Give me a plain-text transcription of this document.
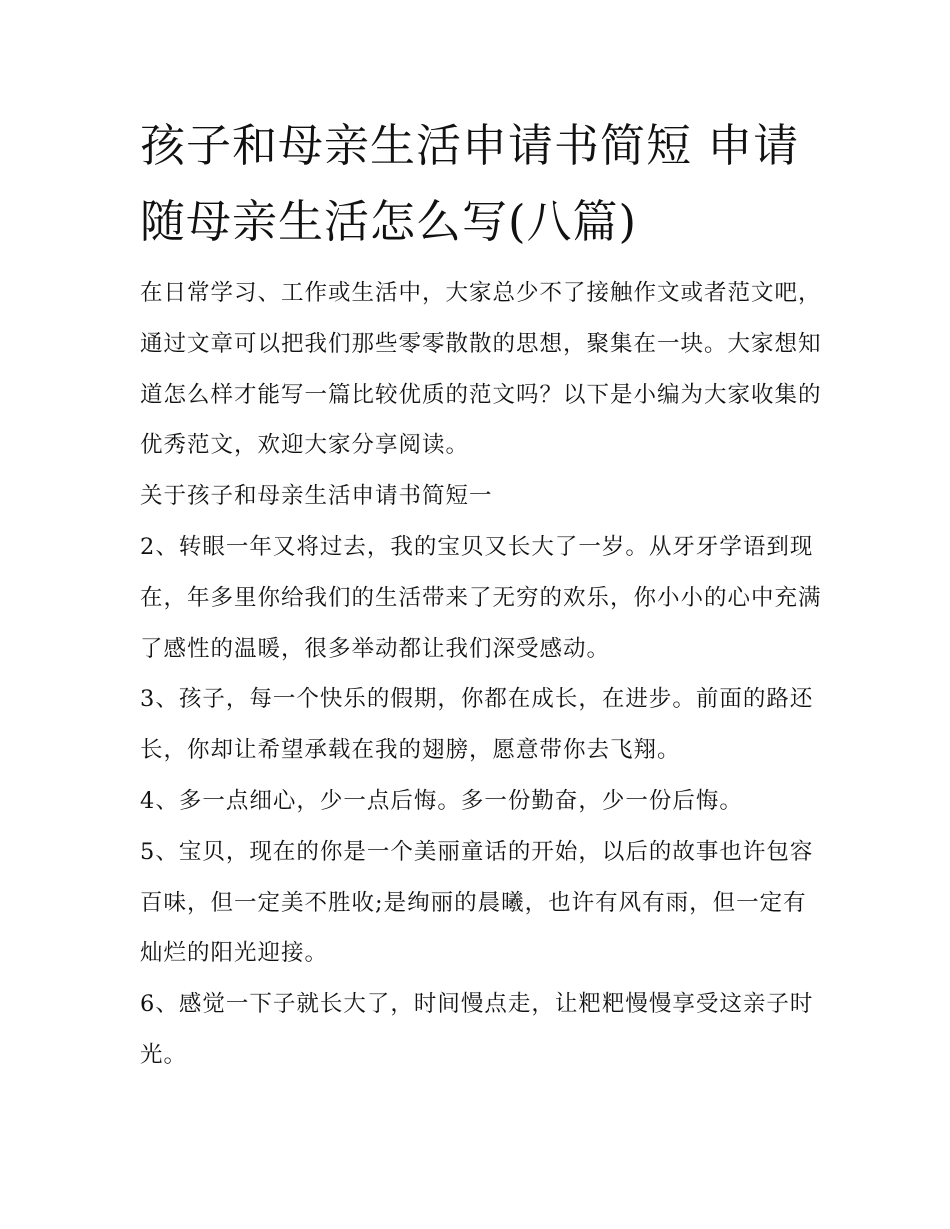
孩子和母亲生活申请书简短 申请随母亲生活怎么写(八篇)

在日常学习、工作或生活中，大家总少不了接触作文或者范文吧，通过文章可以把我们那些零零散散的思想，聚集在一块。大家想知道怎么样才能写一篇比较优质的范文吗？以下是小编为大家收集的优秀范文，欢迎大家分享阅读。

关于孩子和母亲生活申请书简短一

2、转眼一年又将过去，我的宝贝又长大了一岁。从牙牙学语到现在，年多里你给我们的生活带来了无穷的欢乐，你小小的心中充满了感性的温暖，很多举动都让我们深受感动。

3、孩子，每一个快乐的假期，你都在成长，在进步。前面的路还长，你却让希望承载在我的翅膀，愿意带你去飞翔。

4、多一点细心，少一点后悔。多一份勤奋，少一份后悔。

5、宝贝，现在的你是一个美丽童话的开始，以后的故事也许包容百味，但一定美不胜收;是绚丽的晨曦，也许有风有雨，但一定有灿烂的阳光迎接。

6、感觉一下子就长大了，时间慢点走，让粑粑慢慢享受这亲子时光。
